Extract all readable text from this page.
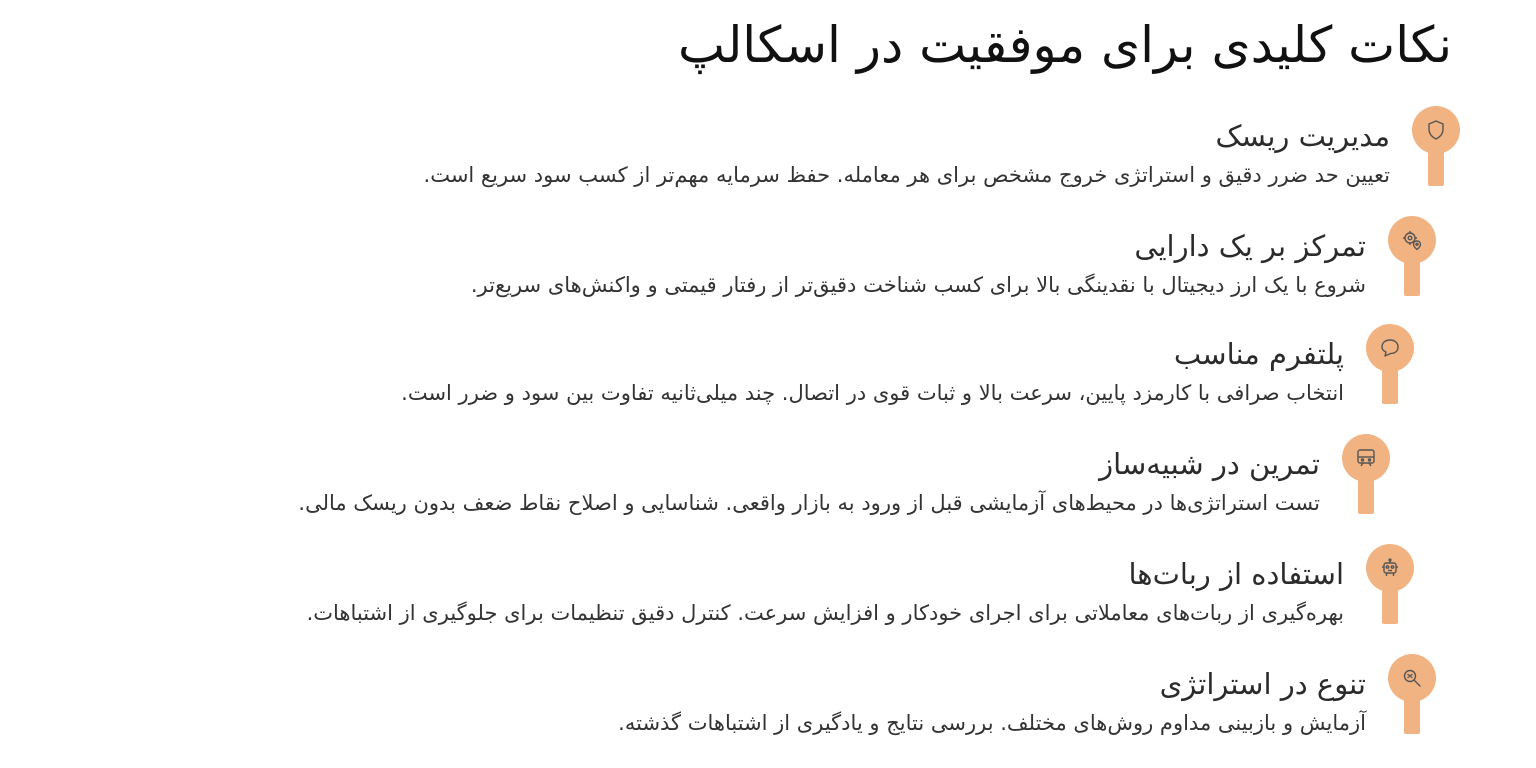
نکات کلیدی برای موفقیت در اسکالپ
مدیریت ریسک
تعیین حد ضرر دقیق و استراتژی خروج مشخص برای هر معامله. حفظ سرمایه مهم‌تر از کسب سود سریع است.
تمرکز بر یک دارایی
شروع با یک ارز دیجیتال با نقدینگی بالا برای کسب شناخت دقیق‌تر از رفتار قیمتی و واکنش‌های سریع‌تر.
پلتفرم مناسب
انتخاب صرافی با کارمزد پایین، سرعت بالا و ثبات قوی در اتصال. چند میلی‌ثانیه تفاوت بین سود و ضرر است.
تمرین در شبیه‌ساز
تست استراتژی‌ها در محیط‌های آزمایشی قبل از ورود به بازار واقعی. شناسایی و اصلاح نقاط ضعف بدون ریسک مالی.
استفاده از ربات‌ها
بهره‌گیری از ربات‌های معاملاتی برای اجرای خودکار و افزایش سرعت. کنترل دقیق تنظیمات برای جلوگیری از اشتباهات.
تنوع در استراتژی
آزمایش و بازبینی مداوم روش‌های مختلف. بررسی نتایج و یادگیری از اشتباهات گذشته.
